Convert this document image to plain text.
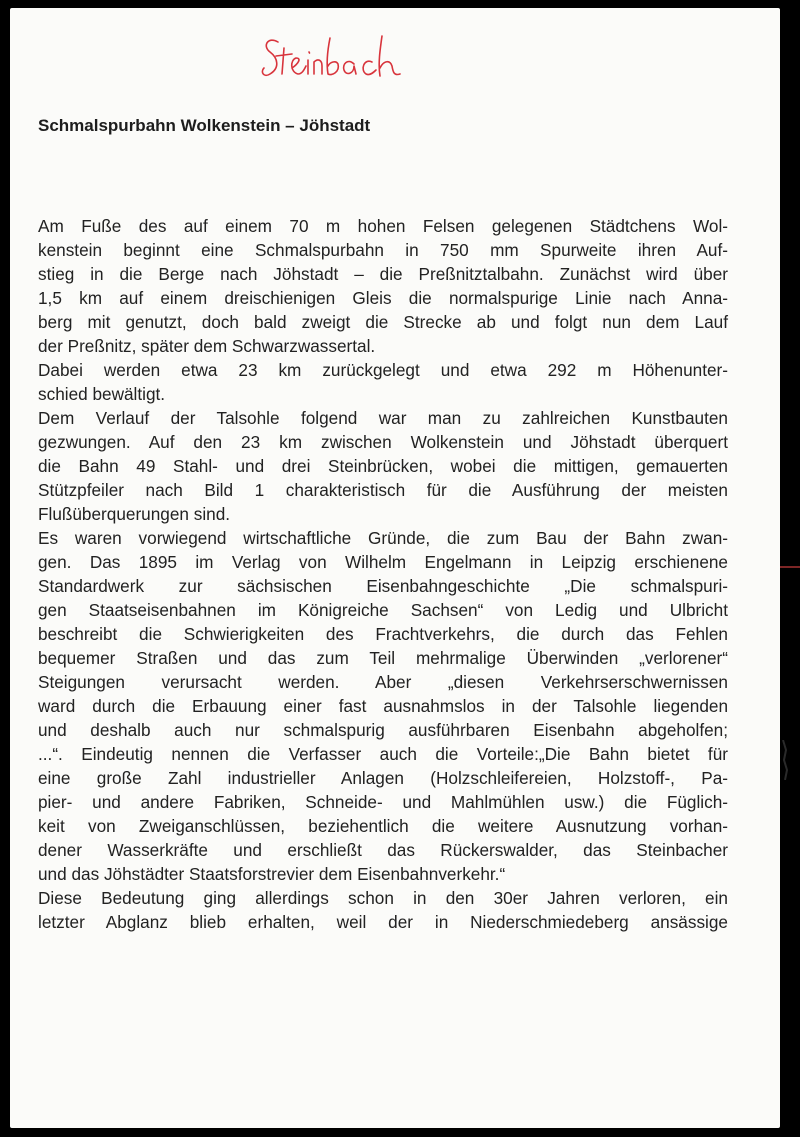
Schmalspurbahn Wolkenstein – Jöhstadt
Am Fuße des auf einem 70 m hohen Felsen gelegenen Städtchens Wol-
kenstein beginnt eine Schmalspurbahn in 750 mm Spurweite ihren Auf-
stieg in die Berge nach Jöhstadt – die Preßnitztalbahn. Zunächst wird über
1,5 km auf einem dreischienigen Gleis die normalspurige Linie nach Anna-
berg mit genutzt, doch bald zweigt die Strecke ab und folgt nun dem Lauf
der Preßnitz, später dem Schwarzwassertal.
Dabei werden etwa 23 km zurückgelegt und etwa 292 m Höhenunter-
schied bewältigt.
Dem Verlauf der Talsohle folgend war man zu zahlreichen Kunstbauten
gezwungen. Auf den 23 km zwischen Wolkenstein und Jöhstadt überquert
die Bahn 49 Stahl- und drei Steinbrücken, wobei die mittigen, gemauerten
Stützpfeiler nach Bild 1 charakteristisch für die Ausführung der meisten
Flußüberquerungen sind.
Es waren vorwiegend wirtschaftliche Gründe, die zum Bau der Bahn zwan-
gen. Das 1895 im Verlag von Wilhelm Engelmann in Leipzig erschienene
Standardwerk zur sächsischen Eisenbahngeschichte „Die schmalspuri-
gen Staatseisenbahnen im Königreiche Sachsen“ von Ledig und Ulbricht
beschreibt die Schwierigkeiten des Frachtverkehrs, die durch das Fehlen
bequemer Straßen und das zum Teil mehrmalige Überwinden „verlorener“
Steigungen verursacht werden. Aber „diesen Verkehrserschwernissen
ward durch die Erbauung einer fast ausnahmslos in der Talsohle liegenden
und deshalb auch nur schmalspurig ausführbaren Eisenbahn abgeholfen;
...“. Eindeutig nennen die Verfasser auch die Vorteile:„Die Bahn bietet für
eine große Zahl industrieller Anlagen (Holzschleifereien, Holzstoff-, Pa-
pier- und andere Fabriken, Schneide- und Mahlmühlen usw.) die Füglich-
keit von Zweiganschlüssen, beziehentlich die weitere Ausnutzung vorhan-
dener Wasserkräfte und erschließt das Rückerswalder, das Steinbacher
und das Jöhstädter Staatsforstrevier dem Eisenbahnverkehr.“
Diese Bedeutung ging allerdings schon in den 30er Jahren verloren, ein
letzter Abglanz blieb erhalten, weil der in Niederschmiedeberg ansässige
